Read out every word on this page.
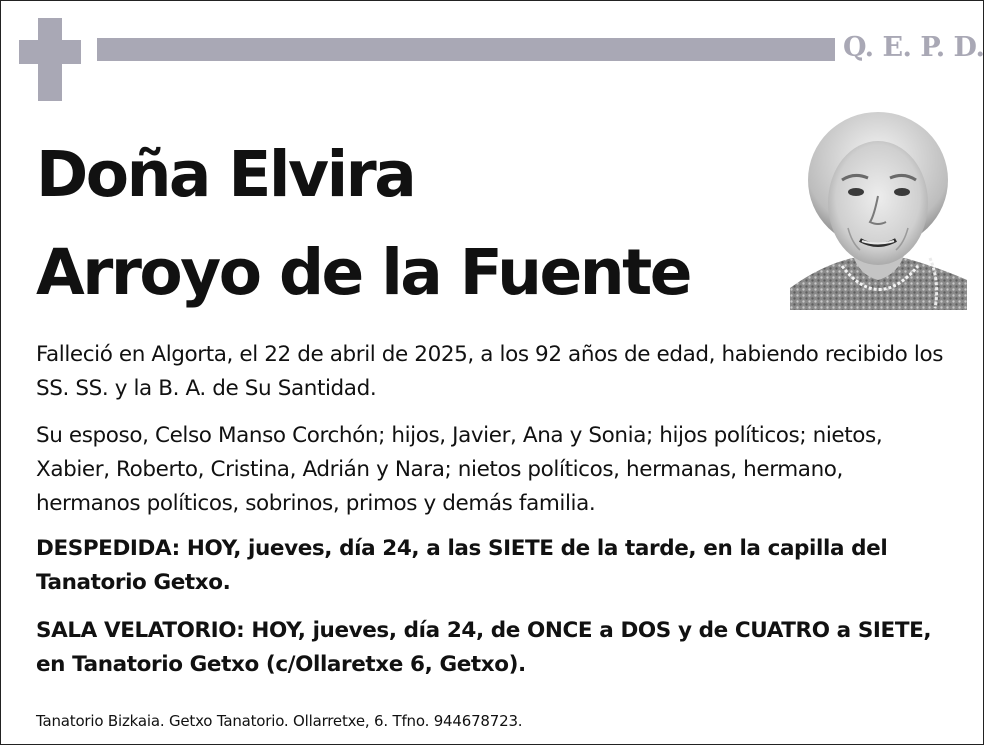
Q. E. P. D.
Doña Elvira
Arroyo de la Fuente
Falleció en Algorta, el 22 de abril de 2025, a los 92 años de edad, habiendo recibido los SS. SS. y la B. A. de Su Santidad.
Su esposo, Celso Manso Corchón; hijos, Javier, Ana y Sonia; hijos políticos; nietos, Xabier, Roberto, Cristina, Adrián y Nara; nietos políticos, hermanas, hermano, hermanos políticos, sobrinos, primos y demás familia.
DESPEDIDA: HOY, jueves, día 24, a las SIETE de la tarde, en la capilla del Tanatorio Getxo.
SALA VELATORIO: HOY, jueves, día 24, de ONCE a DOS y de CUATRO a SIETE, en Tanatorio Getxo (c/Ollaretxe 6, Getxo).
Tanatorio Bizkaia. Getxo Tanatorio. Ollarretxe, 6. Tfno. 944678723.
